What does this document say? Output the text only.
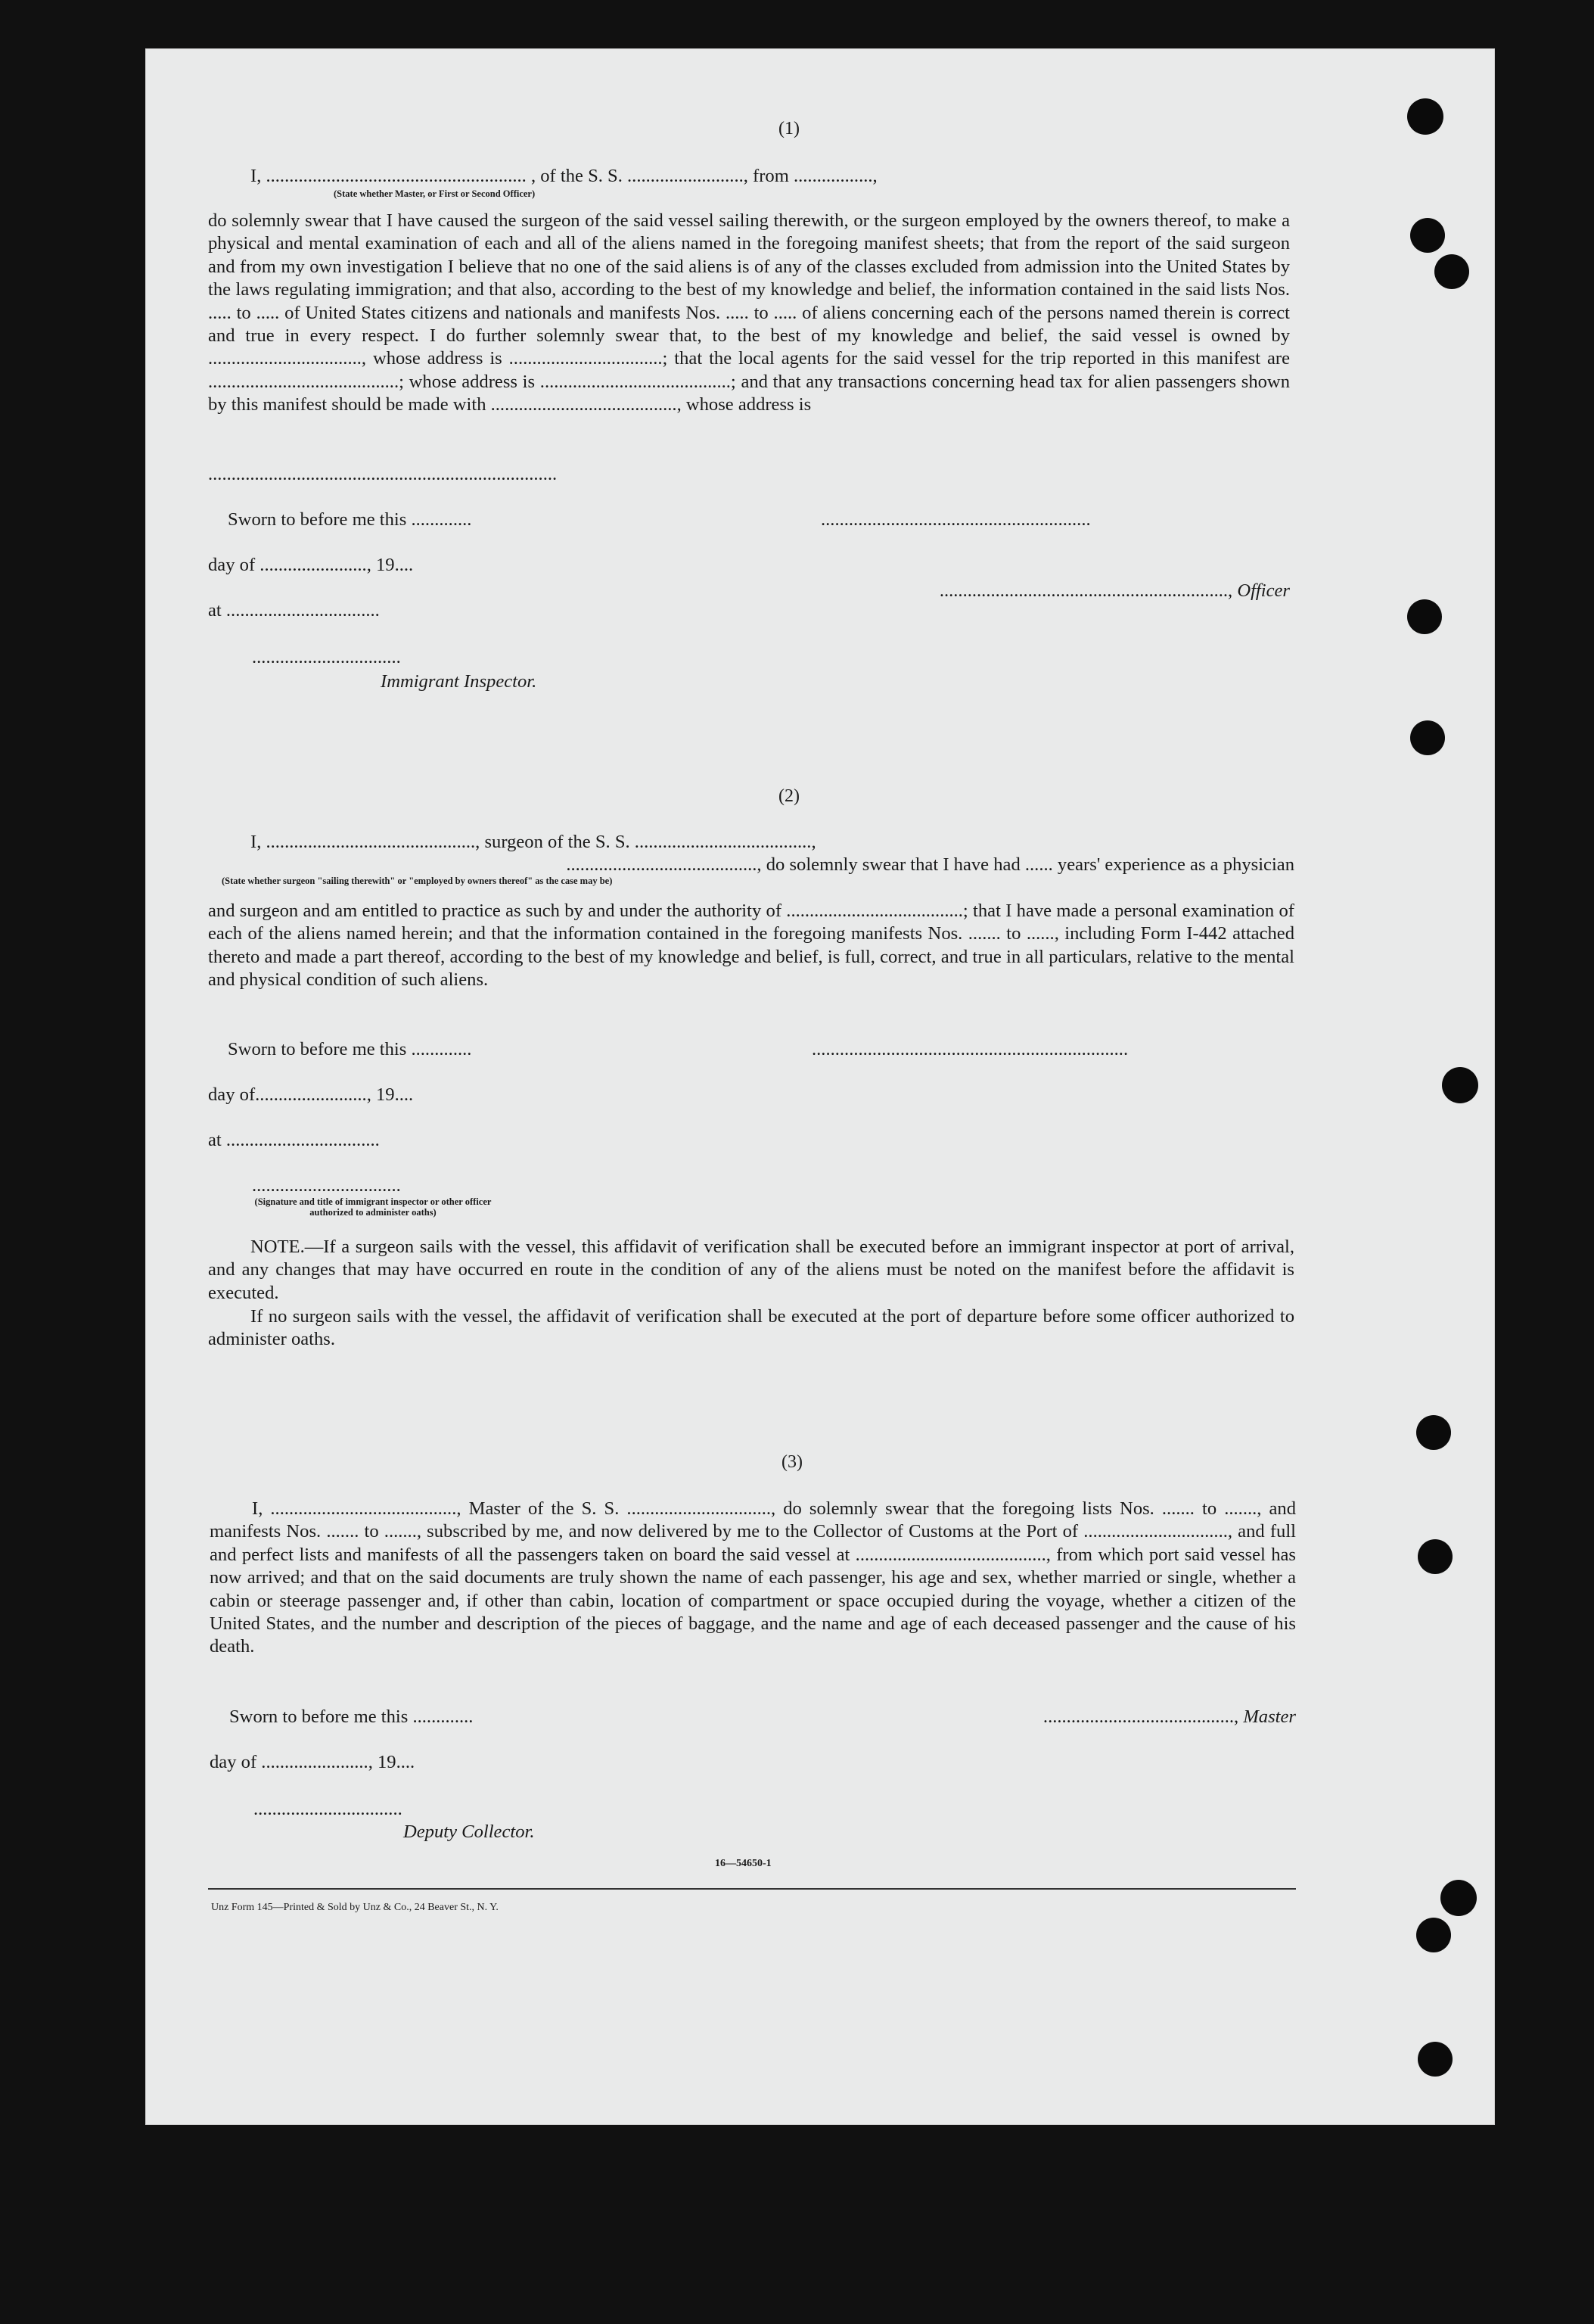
(1)
I, ........................................................ , of the S. S. ........................., from .................,
(State whether Master, or First or Second Officer)
do solemnly swear that I have caused the surgeon of the said vessel sailing therewith, or the surgeon employed by the owners thereof, to make a physical and mental examination of each and all of the aliens named in the foregoing manifest sheets; that from the report of the said surgeon and from my own investigation I believe that no one of the said aliens is of any of the classes excluded from admission into the United States by the laws regulating immigration; and that also, according to the best of my knowledge and belief, the information contained in the said lists Nos. ..... to ..... of United States citizens and nationals and manifests Nos. ..... to ..... of aliens concerning each of the persons named therein is correct and true in every respect. I do further solemnly swear that, to the best of my knowledge and belief, the said vessel is owned by ................................., whose address is .................................; that the local agents for the said vessel for the trip reported in this manifest are .........................................; whose address is .........................................; and that any transactions concerning head tax for alien passengers shown by this manifest should be made with ........................................, whose address is
...........................................................................
Sworn to before me this .............	..........................................................
day of ......................., 19....
.............................................................., Officer
at .................................
................................
Immigrant Inspector.
(2)
I, ............................................., surgeon of the S. S. ......................................,
........................................., do solemnly swear that I have had ...... years' experience as a physician
(State whether surgeon "sailing therewith" or "employed by owners thereof" as the case may be)
and surgeon and am entitled to practice as such by and under the authority of ......................................; that I have made a personal examination of each of the aliens named herein; and that the information contained in the foregoing manifests Nos. ....... to ......, including Form I-442 attached thereto and made a part thereof, according to the best of my knowledge and belief, is full, correct, and true in all particulars, relative to the mental and physical condition of such aliens.
Sworn to before me this .............	....................................................................
day of........................, 19....
at .................................
................................
(Signature and title of immigrant inspector or other officer authorized to administer oaths)
NOTE.—If a surgeon sails with the vessel, this affidavit of verification shall be executed before an immigrant inspector at port of arrival, and any changes that may have occurred en route in the condition of any of the aliens must be noted on the manifest before the affidavit is executed.
If no surgeon sails with the vessel, the affidavit of verification shall be executed at the port of departure before some officer authorized to administer oaths.
(3)
I, ........................................, Master of the S. S. ..............................., do solemnly swear that the foregoing lists Nos. ....... to ......., and manifests Nos. ....... to ......., subscribed by me, and now delivered by me to the Collector of Customs at the Port of ..............................., and full and perfect lists and manifests of all the passengers taken on board the said vessel at ........................................., from which port said vessel has now arrived; and that on the said documents are truly shown the name of each passenger, his age and sex, whether married or single, whether a cabin or steerage passenger and, if other than cabin, location of compartment or space occupied during the voyage, whether a citizen of the United States, and the number and description of the pieces of baggage, and the name and age of each deceased passenger and the cause of his death.
Sworn to before me this .............	........................................., Master
day of ......................., 19....
................................
Deputy Collector.
16—54650-1
Unz Form 145—Printed & Sold by Unz & Co., 24 Beaver St., N. Y.
